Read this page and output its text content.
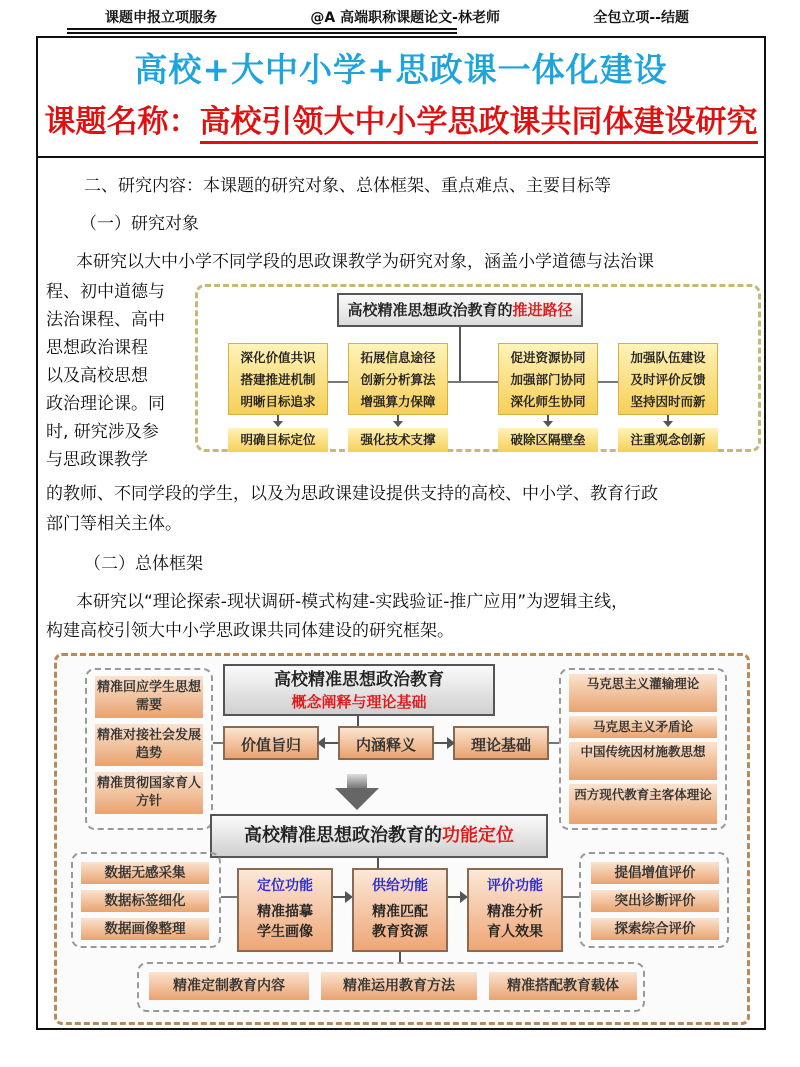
课题申报立项服务	@A 高端职称课题论文-林老师	全包立项--结题
高校+大中小学+思政课一体化建设
课题名称：高校引领大中小学思政课共同体建设研究
二、研究内容：本课题的研究对象、总体框架、重点难点、主要目标等
（一）研究对象
本研究以大中小学不同学段的思政课教学为研究对象，涵盖小学道德与法治课
程、初中道德与
法治课程、高中
思想政治课程
以及高校思想
政治理论课。同
时, 研究涉及参
与思政课教学
高校精准思想政治教育的推进路径
深化价值共识
搭建推进机制
明晰目标追求
拓展信息途径
创新分析算法
增强算力保障
促进资源协同
加强部门协同
深化师生协同
加强队伍建设
及时评价反馈
坚持因时而新
明确目标定位	强化技术支撑	破除区隔壁垒	注重观念创新
的教师、不同学段的学生，以及为思政课建设提供支持的高校、中小学、教育行政
部门等相关主体。
（二）总体框架
本研究以“理论探索-现状调研-模式构建-实践验证-推广应用”为逻辑主线，
构建高校引领大中小学思政课共同体建设的研究框架。
精准回应学生思想需要
精准对接社会发展趋势
精准贯彻国家育人方针
高校精准思想政治教育
概念阐释与理论基础
价值旨归	内涵释义	理论基础
马克思主义灌输理论
马克思主义矛盾论
中国传统因材施教思想
西方现代教育主客体理论
高校精准思想政治教育的功能定位
数据无感采集
数据标签细化
数据画像整理
定位功能
精准描摹
学生画像
供给功能
精准匹配
教育资源
评价功能
精准分析
育人效果
提倡增值评价
突出诊断评价
探索综合评价
精准定制教育内容	精准运用教育方法	精准搭配教育载体
